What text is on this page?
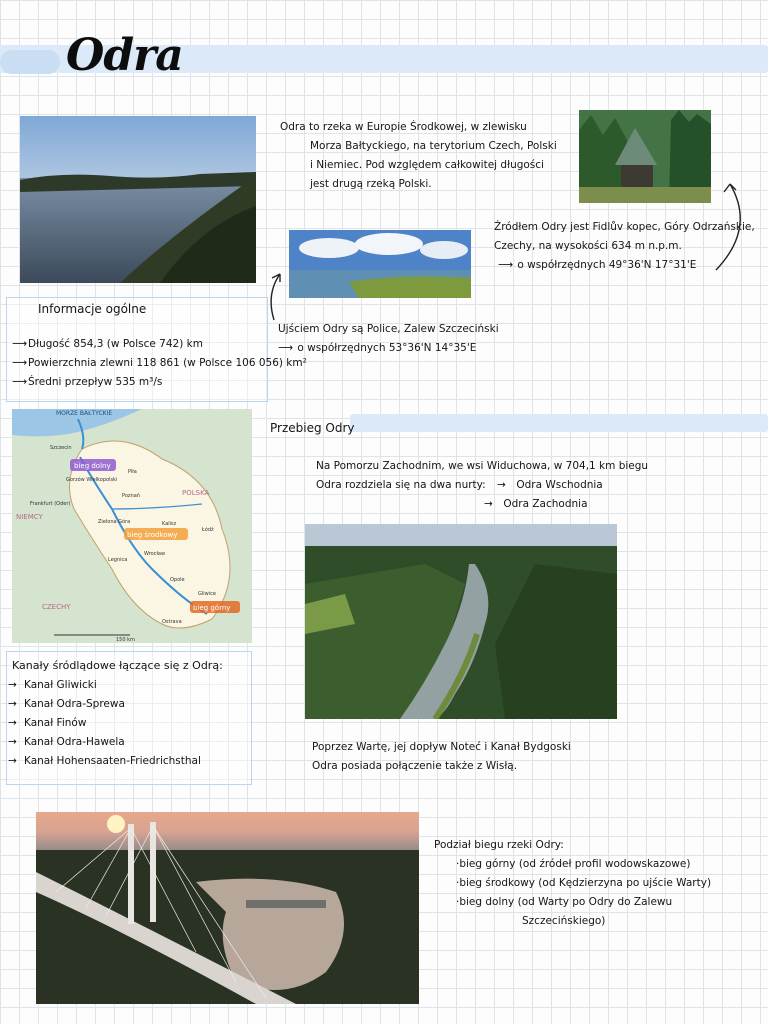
Odra
Odra to rzeka w Europie Środkowej, w zlewisku
Morza Bałtyckiego, na terytorium Czech, Polski
i Niemiec. Pod względem całkowitej długości
jest drugą rzeką Polski.
Źródłem Odry jest Fidlův kopec, Góry Odrzańskie,
Czechy, na wysokości 634 m n.p.m.
⟶ o współrzędnych 49°36'N 17°31'E
Ujściem Odry są Police, Zalew Szczeciński
⟶ o współrzędnych 53°36'N 14°35'E
Informacje ogólne
⟶Długość 854,3 (w Polsce 742) km
⟶Powierzchnia zlewni 118 861 (w Polsce 106 056) km²
⟶Średni przepływ 535 m³/s
MORZE BAŁTYCKIE
POLSKA
NIEMCY
CZECHY
bieg dolny
bieg środkowy
bieg górny
Szczecin
Piła
Gorzów Wielkopolski
Poznań
Frankfurt (Oder)
Zielona Góra	Kalisz
Legnica
Wrocław
Łódź
Opole
Gliwice
Ostrava
150 km
Przebieg Odry
Na Pomorzu Zachodnim, we wsi Widuchowa, w 704,1 km biegu
Odra rozdziela się na dwa nurty: → Odra Wschodnia
→ Odra Zachodnia
Kanały śródlądowe łączące się z Odrą:
→ Kanał Gliwicki
→ Kanał Odra-Sprewa
→ Kanał Finów
→ Kanał Odra-Hawela
→ Kanał Hohensaaten-Friedrichsthal
Poprzez Wartę, jej dopływ Noteć i Kanał Bydgoski
Odra posiada połączenie także z Wisłą.
Podział biegu rzeki Odry:
·bieg górny (od źródeł profil wodowskazowe)
·bieg środkowy (od Kędzierzyna po ujście Warty)
·bieg dolny (od Warty po Odry do Zalewu
Szczecińskiego)
